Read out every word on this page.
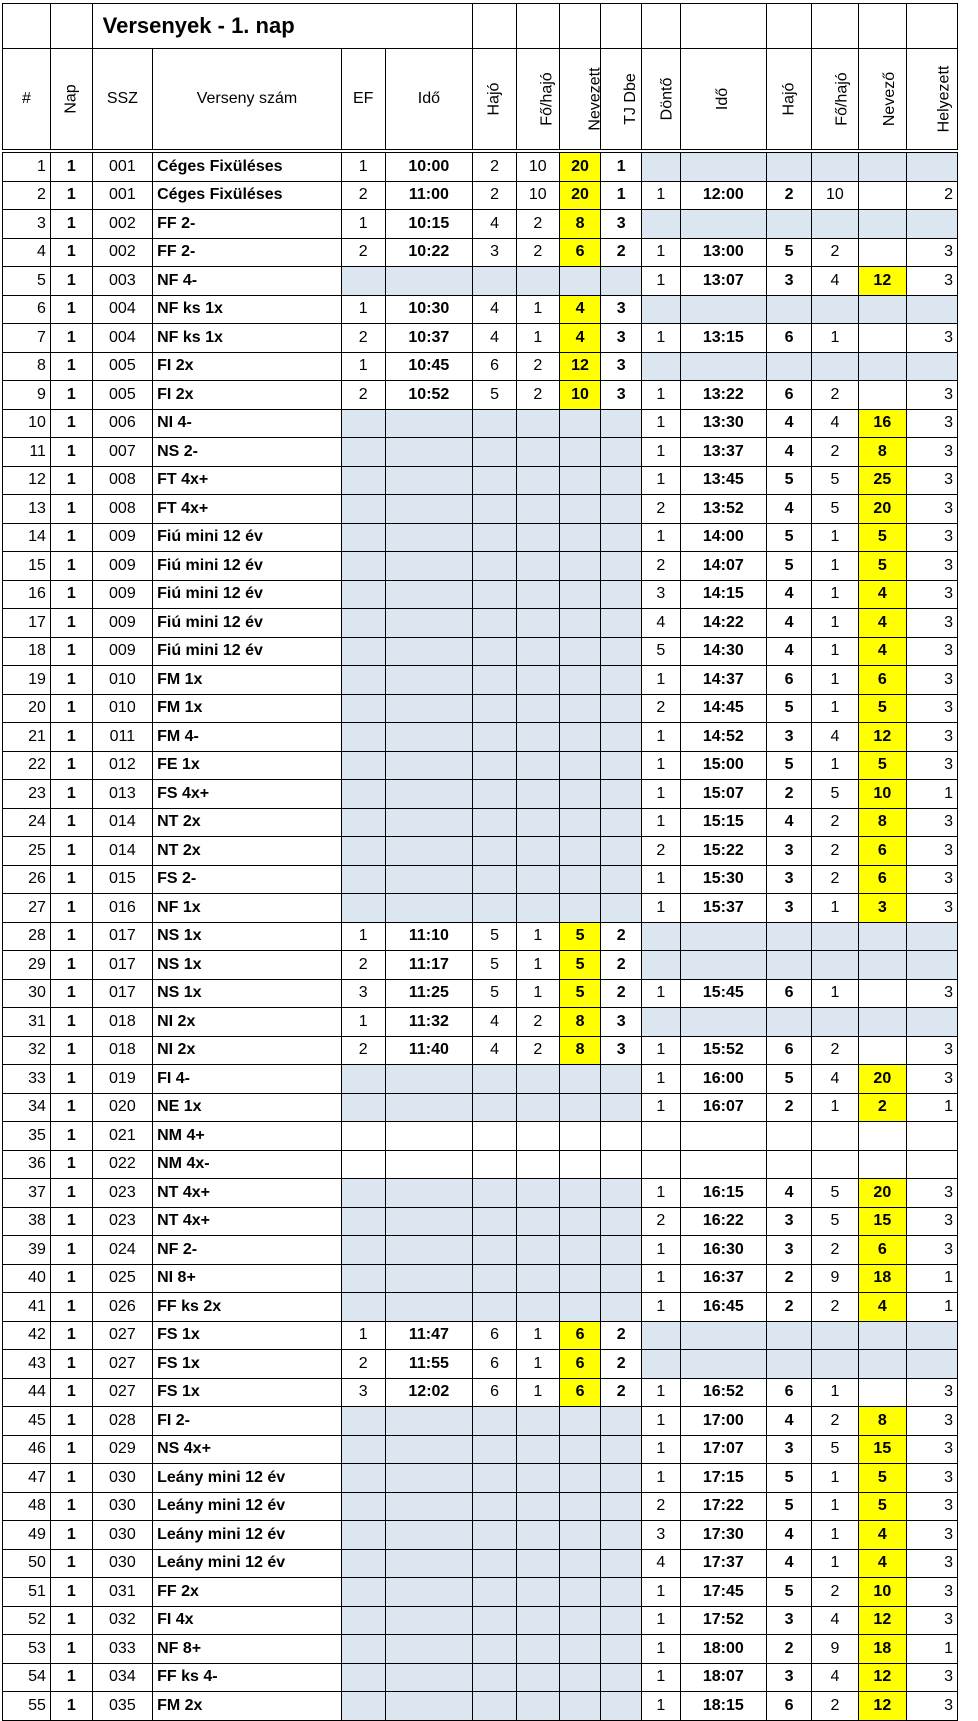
		Versenyek - 1. nap													
#	Nap	SSZ	Verseny szám	EF	Idő	Hajó	Fő/hajó	Nevezett	TJ Dbe	Döntő	Idő	Hajó	Fő/hajó	Nevező	Helyezett

1	1	001	Céges Fixüléses	1	10:00	2	10	20	1						
2	1	001	Céges Fixüléses	2	11:00	2	10	20	1	1	12:00	2	10		2
3	1	002	FF 2-	1	10:15	4	2	8	3						
4	1	002	FF 2-	2	10:22	3	2	6	2	1	13:00	5	2		3
5	1	003	NF 4-							1	13:07	3	4	12	3
6	1	004	NF ks 1x	1	10:30	4	1	4	3						
7	1	004	NF ks 1x	2	10:37	4	1	4	3	1	13:15	6	1		3
8	1	005	FI 2x	1	10:45	6	2	12	3						
9	1	005	FI 2x	2	10:52	5	2	10	3	1	13:22	6	2		3
10	1	006	NI 4-							1	13:30	4	4	16	3
11	1	007	NS 2-							1	13:37	4	2	8	3
12	1	008	FT 4x+							1	13:45	5	5	25	3
13	1	008	FT 4x+							2	13:52	4	5	20	3
14	1	009	Fiú mini 12 év							1	14:00	5	1	5	3
15	1	009	Fiú mini 12 év							2	14:07	5	1	5	3
16	1	009	Fiú mini 12 év							3	14:15	4	1	4	3
17	1	009	Fiú mini 12 év							4	14:22	4	1	4	3
18	1	009	Fiú mini 12 év							5	14:30	4	1	4	3
19	1	010	FM 1x							1	14:37	6	1	6	3
20	1	010	FM 1x							2	14:45	5	1	5	3
21	1	011	FM 4-							1	14:52	3	4	12	3
22	1	012	FE 1x							1	15:00	5	1	5	3
23	1	013	FS 4x+							1	15:07	2	5	10	1
24	1	014	NT 2x							1	15:15	4	2	8	3
25	1	014	NT 2x							2	15:22	3	2	6	3
26	1	015	FS 2-							1	15:30	3	2	6	3
27	1	016	NF 1x							1	15:37	3	1	3	3
28	1	017	NS 1x	1	11:10	5	1	5	2						
29	1	017	NS 1x	2	11:17	5	1	5	2						
30	1	017	NS 1x	3	11:25	5	1	5	2	1	15:45	6	1		3
31	1	018	NI 2x	1	11:32	4	2	8	3						
32	1	018	NI 2x	2	11:40	4	2	8	3	1	15:52	6	2		3
33	1	019	FI 4-							1	16:00	5	4	20	3
34	1	020	NE 1x							1	16:07	2	1	2	1
35	1	021	NM 4+												
36	1	022	NM 4x-												
37	1	023	NT 4x+							1	16:15	4	5	20	3
38	1	023	NT 4x+							2	16:22	3	5	15	3
39	1	024	NF 2-							1	16:30	3	2	6	3
40	1	025	NI 8+							1	16:37	2	9	18	1
41	1	026	FF ks 2x							1	16:45	2	2	4	1
42	1	027	FS 1x	1	11:47	6	1	6	2						
43	1	027	FS 1x	2	11:55	6	1	6	2						
44	1	027	FS 1x	3	12:02	6	1	6	2	1	16:52	6	1		3
45	1	028	FI 2-							1	17:00	4	2	8	3
46	1	029	NS 4x+							1	17:07	3	5	15	3
47	1	030	Leány mini 12 év							1	17:15	5	1	5	3
48	1	030	Leány mini 12 év							2	17:22	5	1	5	3
49	1	030	Leány mini 12 év							3	17:30	4	1	4	3
50	1	030	Leány mini 12 év							4	17:37	4	1	4	3
51	1	031	FF 2x							1	17:45	5	2	10	3
52	1	032	FI 4x							1	17:52	3	4	12	3
53	1	033	NF 8+							1	18:00	2	9	18	1
54	1	034	FF ks 4-							1	18:07	3	4	12	3
55	1	035	FM 2x							1	18:15	6	2	12	3
